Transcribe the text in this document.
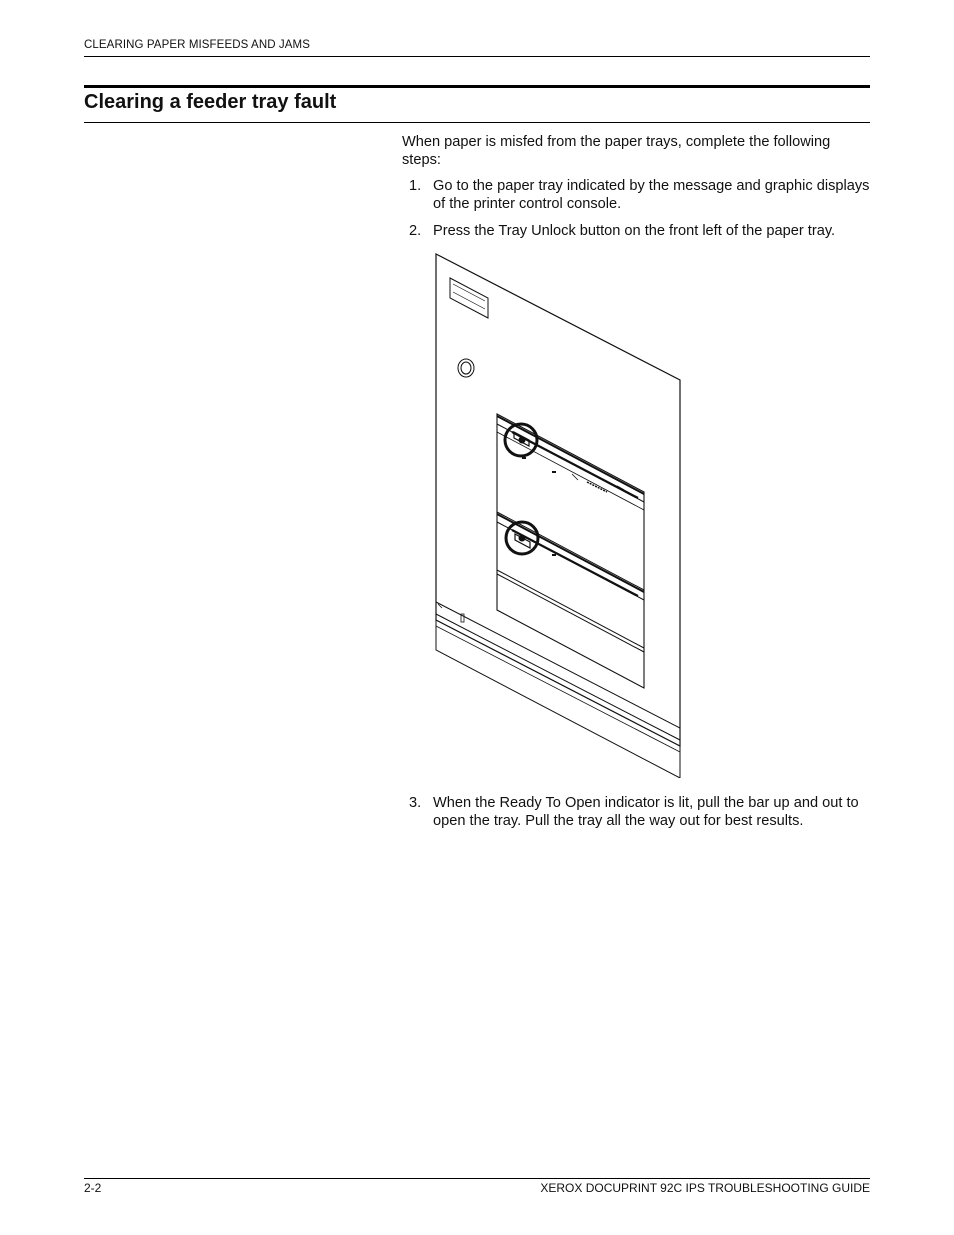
CLEARING PAPER MISFEEDS AND JAMS
Clearing a feeder tray fault
When paper is misfed from the paper trays, complete the following steps:
1. Go to the paper tray indicated by the message and graphic displays of the printer control console.
2. Press the Tray Unlock button on the front left of the paper tray.
3. When the Ready To Open indicator is lit, pull the bar up and out to open the tray. Pull the tray all the way out for best results.
2-2	XEROX DOCUPRINT 92C IPS TROUBLESHOOTING GUIDE
